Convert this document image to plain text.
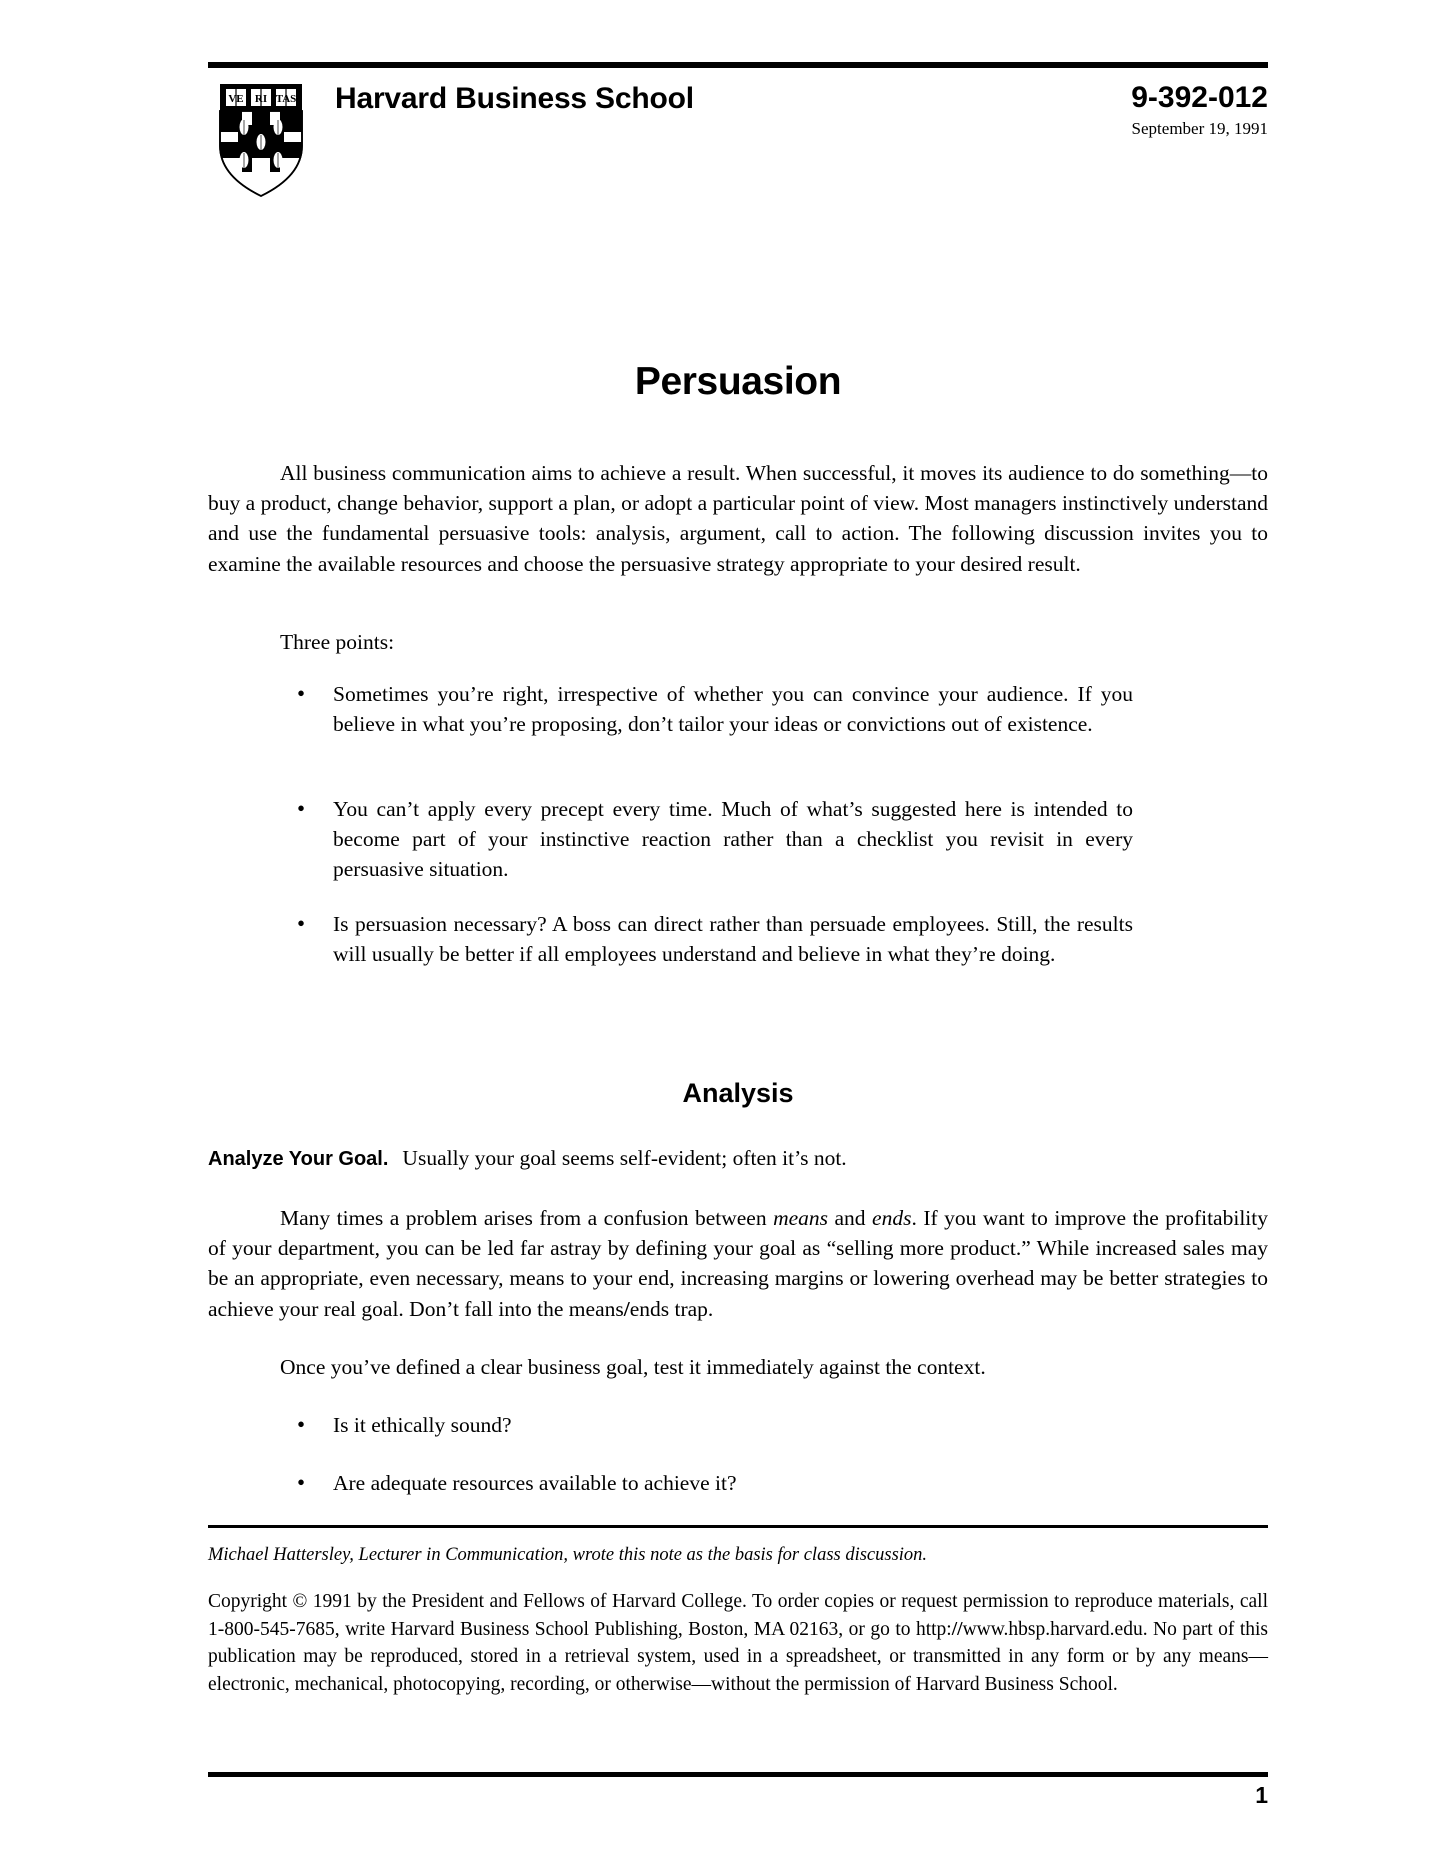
VE RI TAS Harvard Business School	9-392-012
September 19, 1991
Persuasion
All business communication aims to achieve a result. When successful, it moves its audience to do something—to buy a product, change behavior, support a plan, or adopt a particular point of view. Most managers instinctively understand and use the fundamental persuasive tools: analysis, argument, call to action. The following discussion invites you to examine the available resources and choose the persuasive strategy appropriate to your desired result.
Three points:
• Sometimes you’re right, irrespective of whether you can convince your audience. If you believe in what you’re proposing, don’t tailor your ideas or convictions out of existence.
• You can’t apply every precept every time. Much of what’s suggested here is intended to become part of your instinctive reaction rather than a checklist you revisit in every persuasive situation.
• Is persuasion necessary? A boss can direct rather than persuade employees. Still, the results will usually be better if all employees understand and believe in what they’re doing.
Analysis
Analyze Your Goal. Usually your goal seems self-evident; often it’s not.
Many times a problem arises from a confusion between means and ends. If you want to improve the profitability of your department, you can be led far astray by defining your goal as “selling more product.” While increased sales may be an appropriate, even necessary, means to your end, increasing margins or lowering overhead may be better strategies to achieve your real goal. Don’t fall into the means/ends trap.
Once you’ve defined a clear business goal, test it immediately against the context.
• Is it ethically sound?
• Are adequate resources available to achieve it?
Michael Hattersley, Lecturer in Communication, wrote this note as the basis for class discussion.
Copyright © 1991 by the President and Fellows of Harvard College. To order copies or request permission to reproduce materials, call 1-800-545-7685, write Harvard Business School Publishing, Boston, MA 02163, or go to http://www.hbsp.harvard.edu. No part of this publication may be reproduced, stored in a retrieval system, used in a spreadsheet, or transmitted in any form or by any means—electronic, mechanical, photocopying, recording, or otherwise—without the permission of Harvard Business School.
1
